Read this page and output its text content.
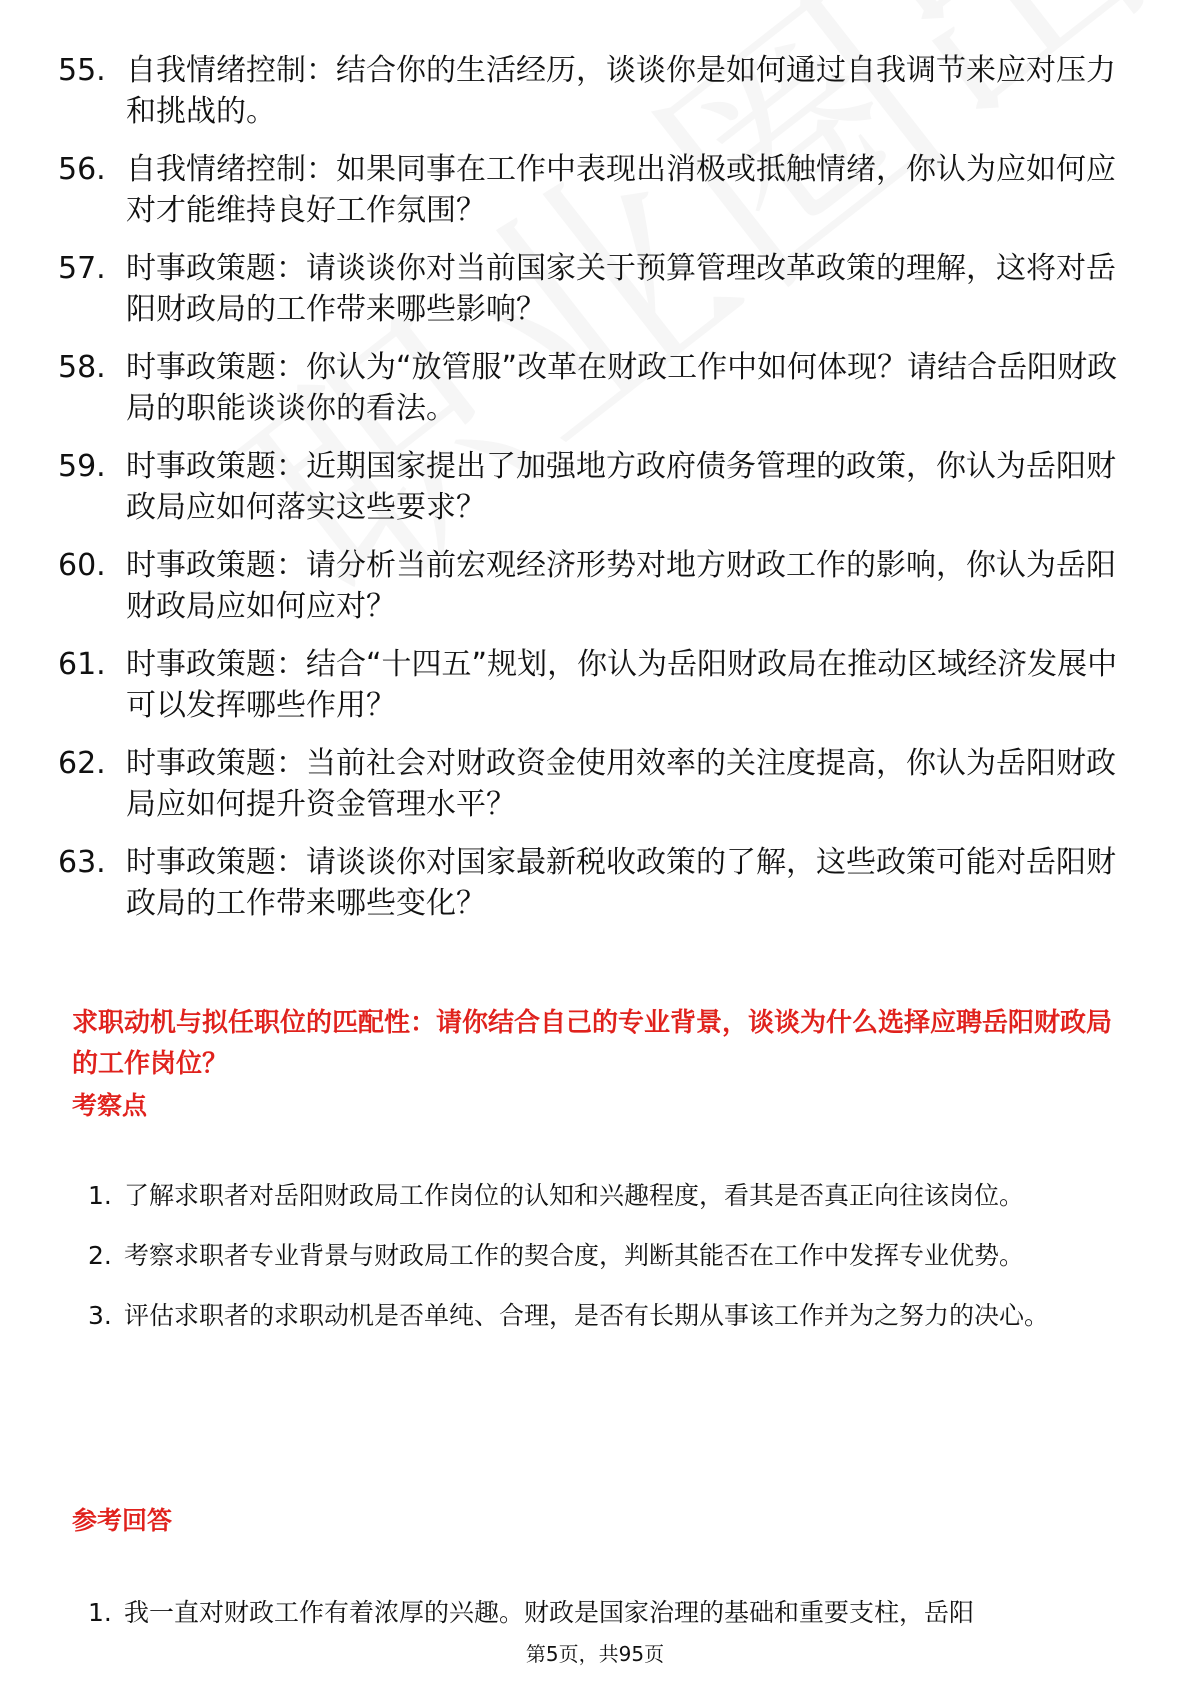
55. 自我情绪控制：结合你的生活经历，谈谈你是如何通过自我调节来应对压力和挑战的。
56. 自我情绪控制：如果同事在工作中表现出消极或抵触情绪，你认为应如何应对才能维持良好工作氛围？
57. 时事政策题：请谈谈你对当前国家关于预算管理改革政策的理解，这将对岳阳财政局的工作带来哪些影响？
58. 时事政策题：你认为“放管服”改革在财政工作中如何体现？请结合岳阳财政局的职能谈谈你的看法。
59. 时事政策题：近期国家提出了加强地方政府债务管理的政策，你认为岳阳财政局应如何落实这些要求？
60. 时事政策题：请分析当前宏观经济形势对地方财政工作的影响，你认为岳阳财政局应如何应对？
61. 时事政策题：结合“十四五”规划，你认为岳阳财政局在推动区域经济发展中可以发挥哪些作用？
62. 时事政策题：当前社会对财政资金使用效率的关注度提高，你认为岳阳财政局应如何提升资金管理水平？
63. 时事政策题：请谈谈你对国家最新税收政策的了解，这些政策可能对岳阳财政局的工作带来哪些变化？
求职动机与拟任职位的匹配性：请你结合自己的专业背景，谈谈为什么选择应聘岳阳财政局的工作岗位？
考察点
1. 了解求职者对岳阳财政局工作岗位的认知和兴趣程度，看其是否真正向往该岗位。
2. 考察求职者专业背景与财政局工作的契合度，判断其能否在工作中发挥专业优势。
3. 评估求职者的求职动机是否单纯、合理，是否有长期从事该工作并为之努力的决心。
参考回答
1. 我一直对财政工作有着浓厚的兴趣。财政是国家治理的基础和重要支柱，岳阳
第5页，共95页
